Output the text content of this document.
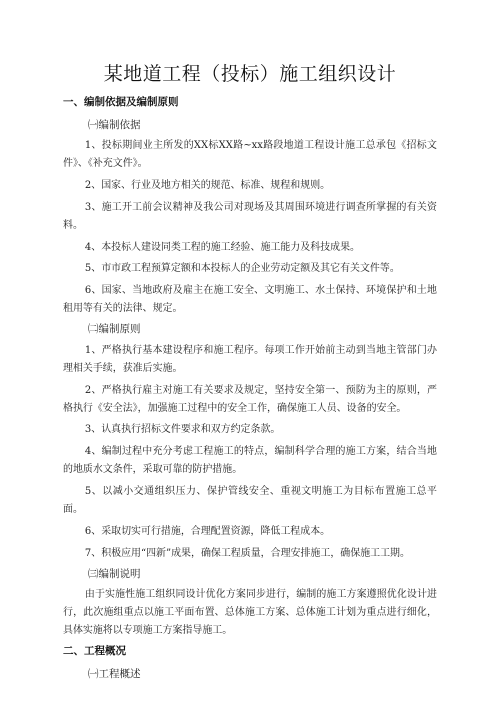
某地道工程（投标）施工组织设计
一、编制依据及编制原则
㈠编制依据

1、投标期间业主所发的XX标XX路~xx路段地道工程设计施工总承包《招标文件》、《补充文件》。

2、国家、行业及地方相关的规范、标准、规程和规则。

3、施工开工前会议精神及我公司对现场及其周围环境进行调查所掌握的有关资料。

4、本投标人建设同类工程的施工经验、施工能力及科技成果。

5、市市政工程预算定额和本投标人的企业劳动定额及其它有关文件等。

6、国家、当地政府及雇主在施工安全、文明施工、水土保持、环境保护和土地租用等有关的法律、规定。

㈡编制原则

1、严格执行基本建设程序和施工程序。每项工作开始前主动到当地主管部门办理相关手续，获准后实施。

2、严格执行雇主对施工有关要求及规定，坚持安全第一、预防为主的原则，严格执行《安全法》，加强施工过程中的安全工作，确保施工人员、设备的安全。

3、认真执行招标文件要求和双方约定条款。

4、编制过程中充分考虑工程施工的特点，编制科学合理的施工方案，结合当地的地质水文条件，采取可靠的防护措施。

5、以减小交通组织压力、保护管线安全、重视文明施工为目标布置施工总平面。

6、采取切实可行措施，合理配置资源，降低工程成本。

7、积极应用“四新”成果，确保工程质量，合理安排施工，确保施工工期。

㈢编制说明

由于实施性施工组织同设计优化方案同步进行，编制的施工方案遵照优化设计进行，此次施组重点以施工平面布置、总体施工方案、总体施工计划为重点进行细化，具体实施将以专项施工方案指导施工。

二、工程概况
㈠工程概述
